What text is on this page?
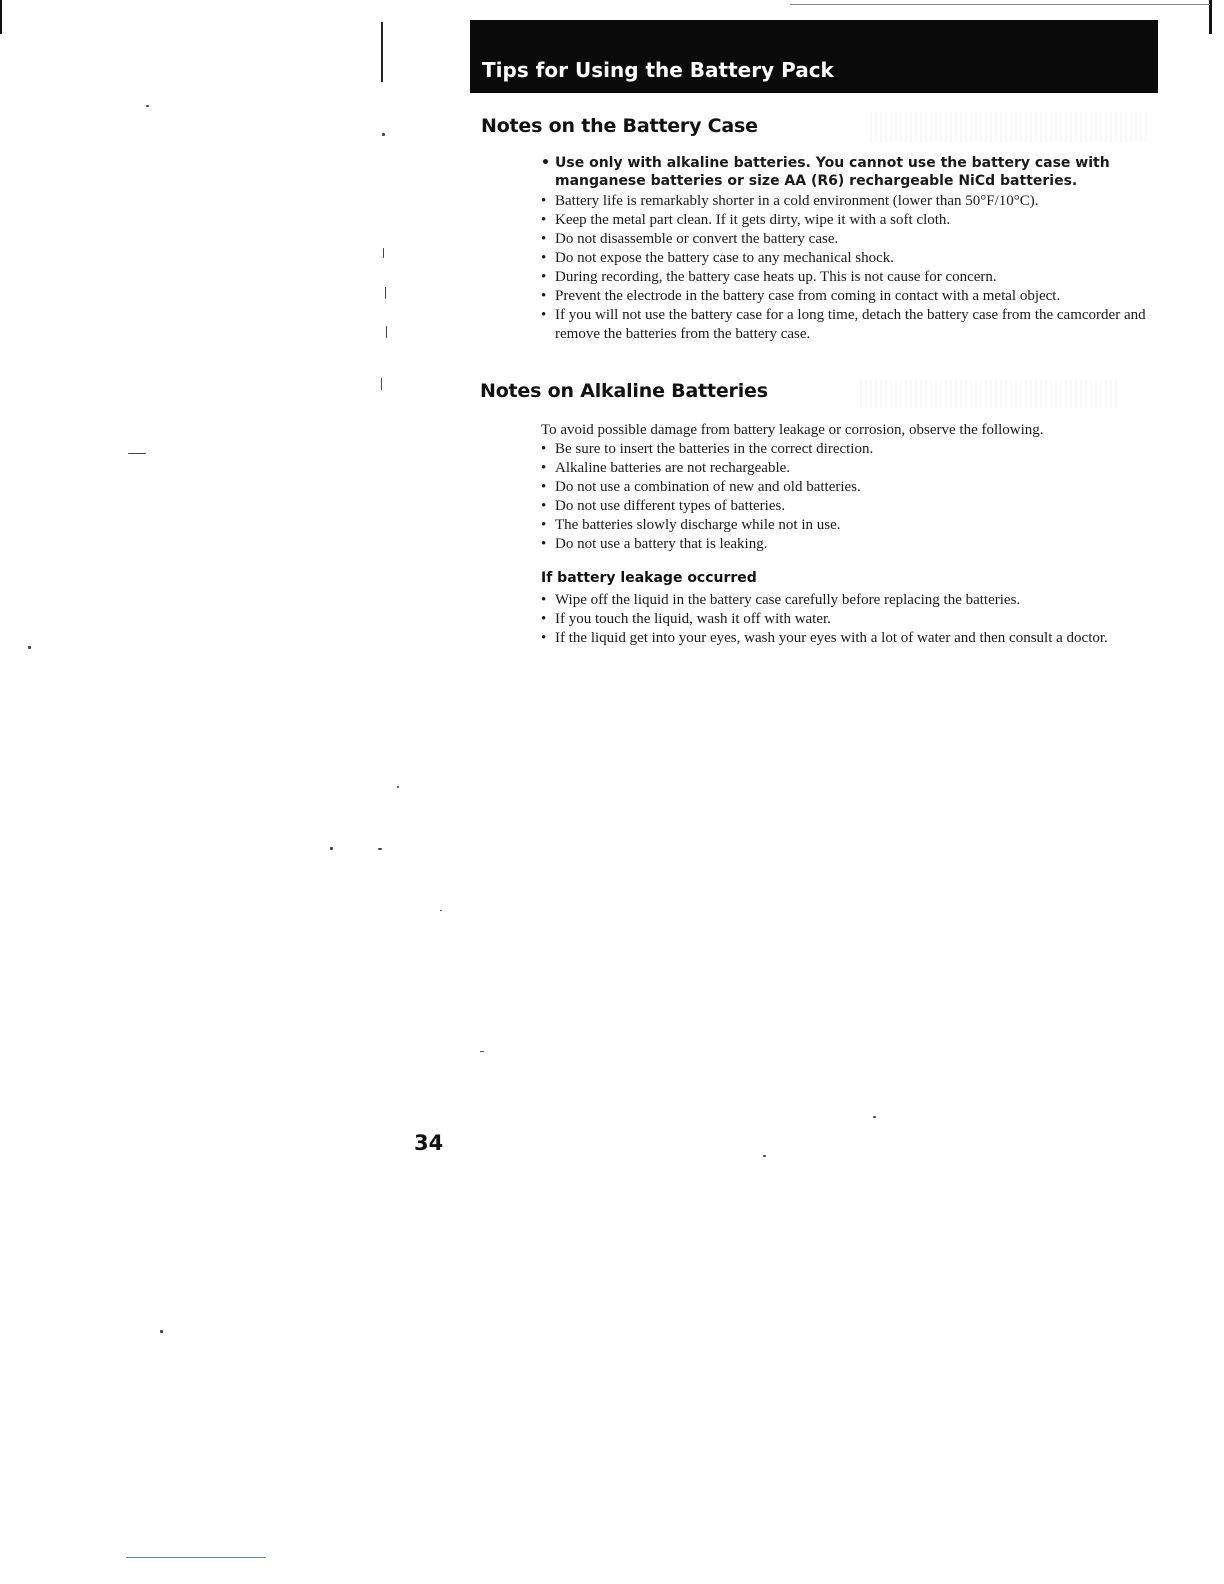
Tips for Using the Battery Pack
Notes on the Battery Case
• Use only with alkaline batteries. You cannot use the battery case with manganese batteries or size AA (R6) rechargeable NiCd batteries.
• Battery life is remarkably shorter in a cold environment (lower than 50°F/10°C).
• Keep the metal part clean. If it gets dirty, wipe it with a soft cloth.
• Do not disassemble or convert the battery case.
• Do not expose the battery case to any mechanical shock.
• During recording, the battery case heats up. This is not cause for concern.
• Prevent the electrode in the battery case from coming in contact with a metal object.
• If you will not use the battery case for a long time, detach the battery case from the camcorder and remove the batteries from the battery case.
Notes on Alkaline Batteries

To avoid possible damage from battery leakage or corrosion, observe the following.

• Be sure to insert the batteries in the correct direction.
• Alkaline batteries are not rechargeable.
• Do not use a combination of new and old batteries.
• Do not use different types of batteries.
• The batteries slowly discharge while not in use.
• Do not use a battery that is leaking.
If battery leakage occurred
• Wipe off the liquid in the battery case carefully before replacing the batteries.
• If you touch the liquid, wash it off with water.
• If the liquid get into your eyes, wash your eyes with a lot of water and then consult a doctor.
34
